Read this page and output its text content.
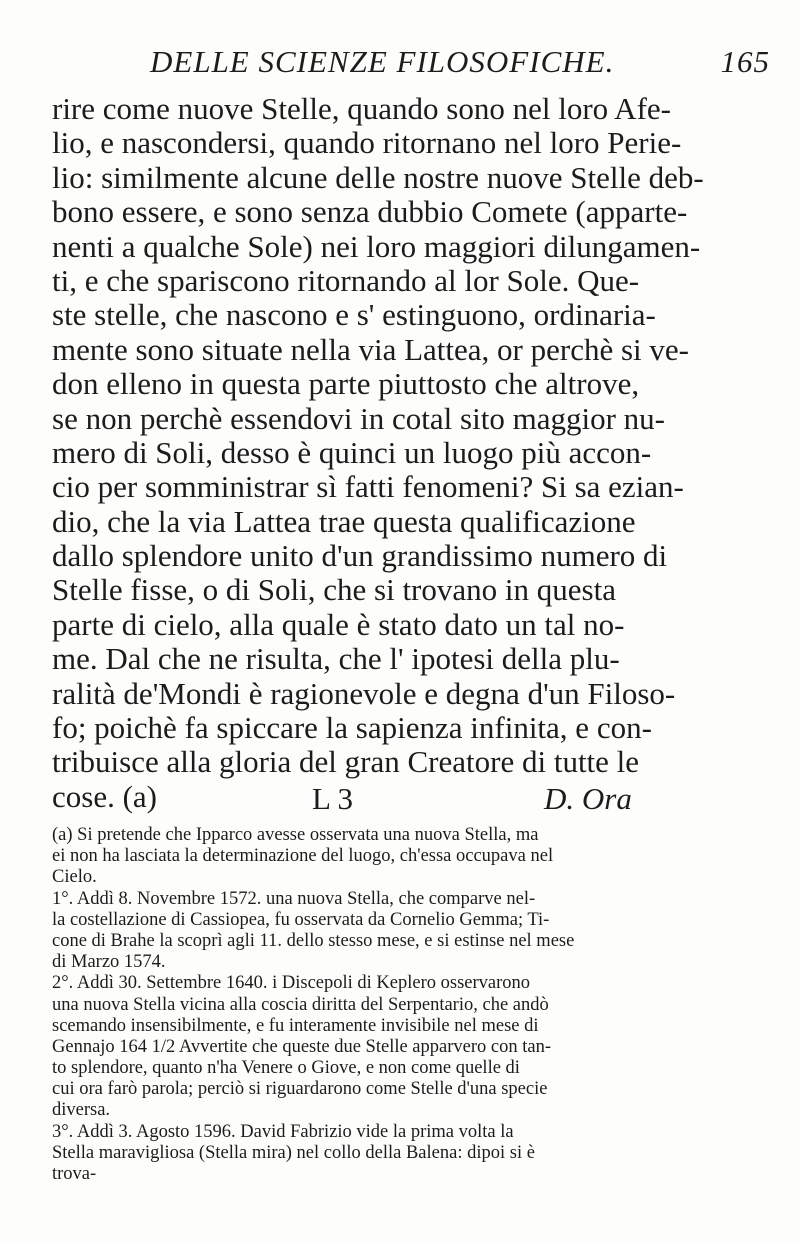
DELLE SCIENZE FILOSOFICHE.	165
rire come nuove Stelle, quando sono nel loro Afe-
lio, e nascondersi, quando ritornano nel loro Perie-
lio: similmente alcune delle nostre nuove Stelle deb-
bono essere, e sono senza dubbio Comete (apparte-
nenti a qualche Sole) nei loro maggiori dilungamen-
ti, e che spariscono ritornando al lor Sole. Que-
ste stelle, che nascono e s' estinguono, ordinaria-
mente sono situate nella via Lattea, or perchè si ve-
don elleno in questa parte piuttosto che altrove,
se non perchè essendovi in cotal sito maggior nu-
mero di Soli, desso è quinci un luogo più accon-
cio per somministrar sì fatti fenomeni? Si sa ezian-
dio, che la via Lattea trae questa qualificazione
dallo splendore unito d'un grandissimo numero di
Stelle fisse, o di Soli, che si trovano in questa
parte di cielo, alla quale è stato dato un tal no-
me. Dal che ne risulta, che l' ipotesi della plu-
ralità de'Mondi è ragionevole e degna d'un Filoso-
fo; poichè fa spiccare la sapienza infinita, e con-
tribuisce alla gloria del gran Creatore di tutte le
cose. (a)	L 3	D. Ora
(a) Si pretende che Ipparco avesse osservata una nuova Stella, ma
ei non ha lasciata la determinazione del luogo, ch'essa occupava nel
Cielo.
1°. Addì 8. Novembre 1572. una nuova Stella, che comparve nel-
la costellazione di Cassiopea, fu osservata da Cornelio Gemma; Ti-
cone di Brahe la scoprì agli 11. dello stesso mese, e si estinse nel mese
di Marzo 1574.
2°. Addì 30. Settembre 1640. i Discepoli di Keplero osservarono
una nuova Stella vicina alla coscia diritta del Serpentario, che andò
scemando insensibilmente, e fu interamente invisibile nel mese di
Gennajo 164 1/2 Avvertite che queste due Stelle apparvero con tan-
to splendore, quanto n'ha Venere o Giove, e non come quelle di
cui ora farò parola; perciò si riguardarono come Stelle d'una specie
diversa.
3°. Addì 3. Agosto 1596. David Fabrizio vide la prima volta la
Stella maravigliosa (Stella mira) nel collo della Balena: dipoi si è
trova-
